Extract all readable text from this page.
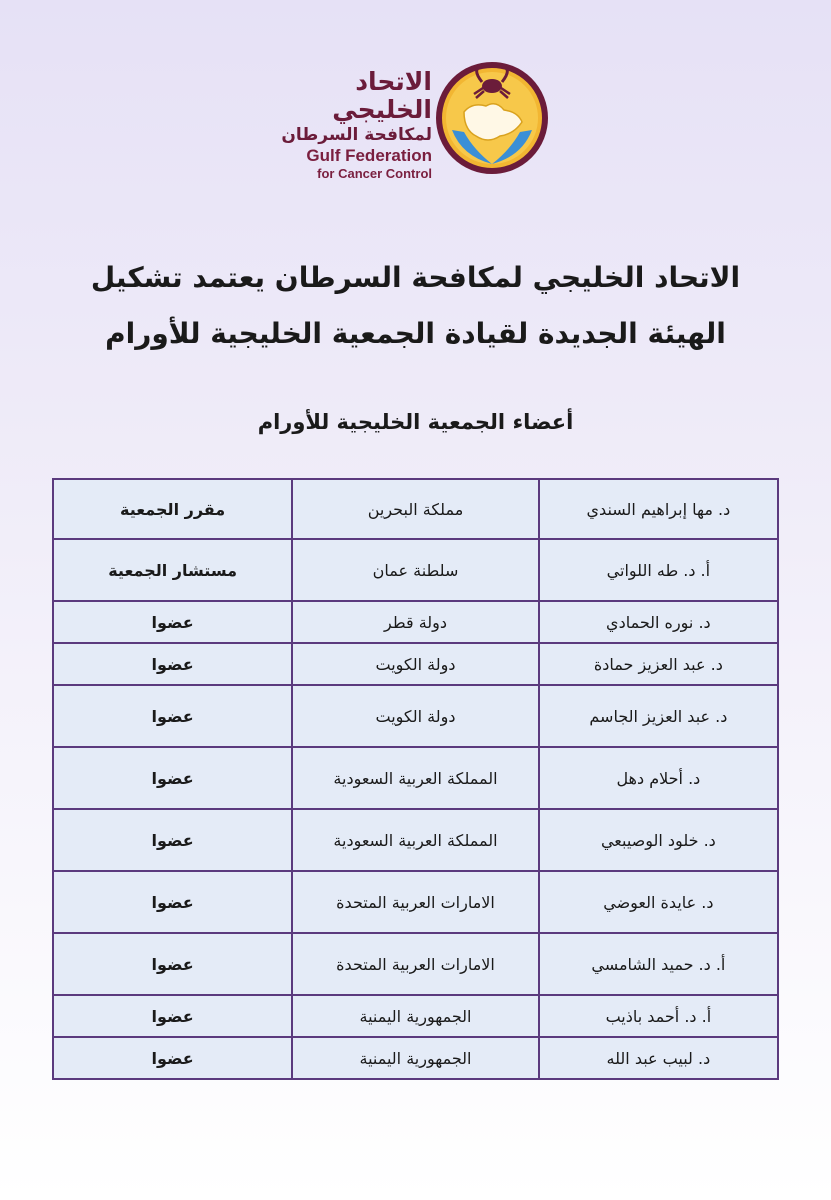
الاتحاد الخليجي
لمكافحة السرطان
Gulf Federation
for Cancer Control
الاتحاد الخليجي لمكافحة السرطان يعتمد تشكيل
الهيئة الجديدة لقيادة الجمعية الخليجية للأورام
أعضاء الجمعية الخليجية للأورام
د. مها إبراهيم السندي	مملكة البحرين	مقرر الجمعية
أ. د. طه اللواتي	سلطنة عمان	مستشار الجمعية
د. نوره الحمادي	دولة قطر	عضوا
د. عبد العزيز حمادة	دولة الكويت	عضوا
د. عبد العزيز الجاسم	دولة الكويت	عضوا
د. أحلام دهل	المملكة العربية السعودية	عضوا
د. خلود الوصيبعي	المملكة العربية السعودية	عضوا
د. عايدة العوضي	الامارات العربية المتحدة	عضوا
أ. د. حميد الشامسي	الامارات العربية المتحدة	عضوا
أ. د. أحمد باذيب	الجمهورية اليمنية	عضوا
د. لبيب عبد الله	الجمهورية اليمنية	عضوا
